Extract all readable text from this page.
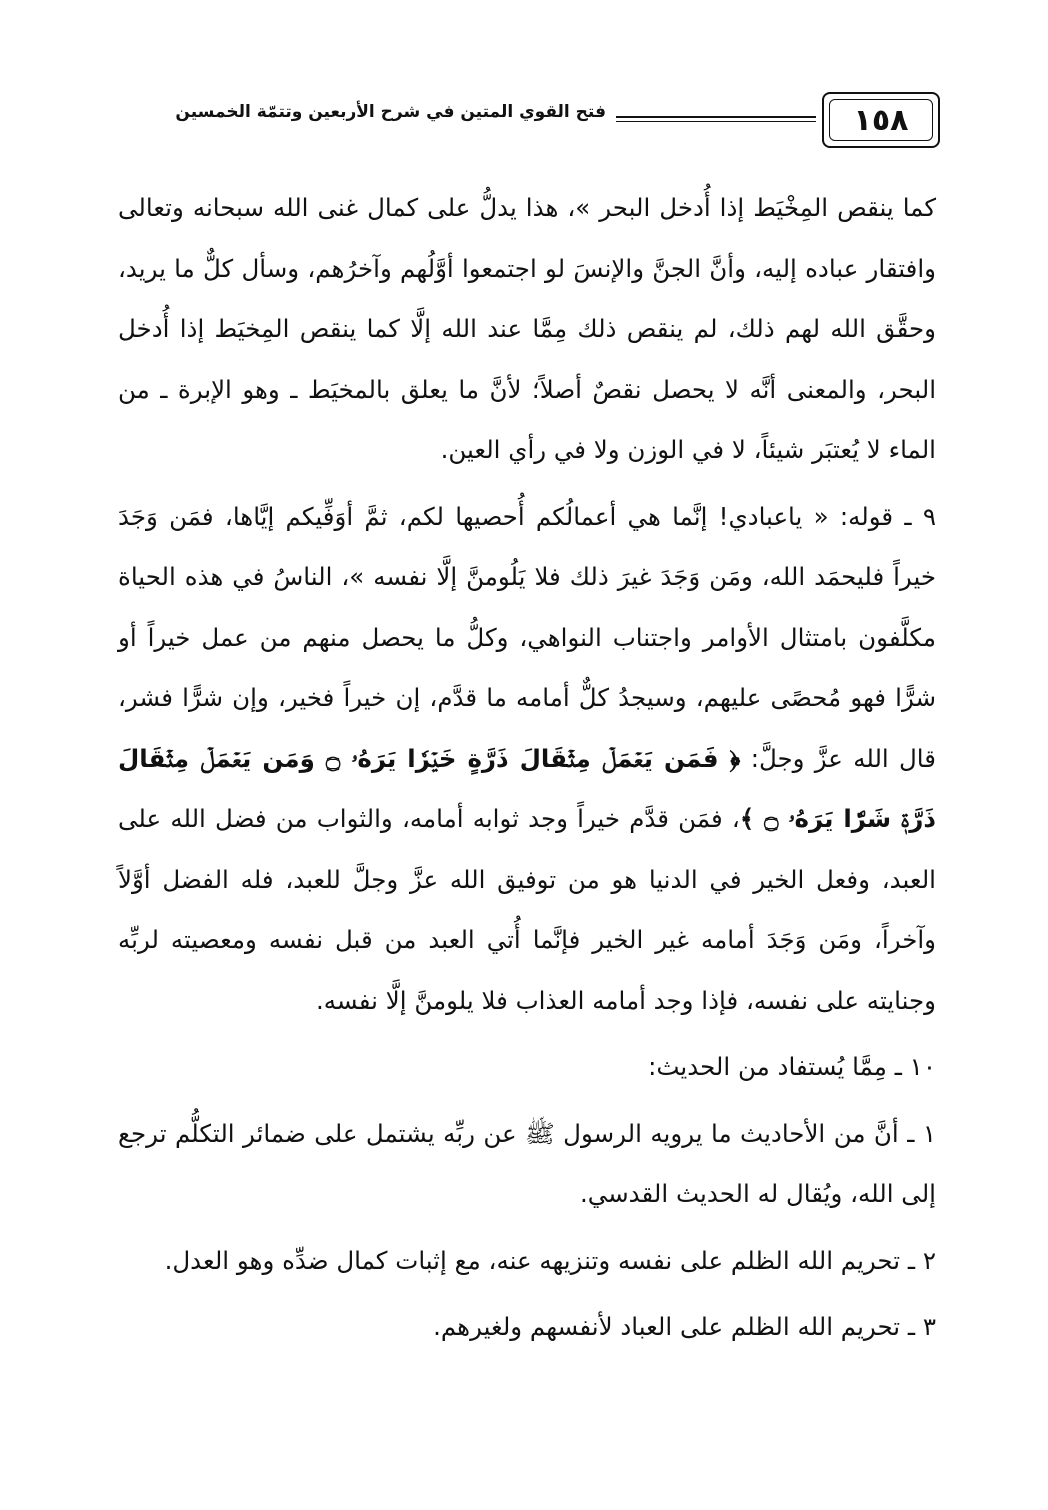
١٥٨
فتح القوي المتين في شرح الأربعين وتتمّة الخمسين

كما ينقص المِخْيَط إذا أُدخل البحر »، هذا يدلُّ على كمال غنى الله سبحانه وتعالى وافتقار عباده إليه، وأنَّ الجنَّ والإنسَ لو اجتمعوا أوَّلُهم وآخرُهم، وسأل كلٌّ ما يريد، وحقَّق الله لهم ذلك، لم ينقص ذلك مِمَّا عند الله إلَّا كما ينقص المِخيَط إذا أُدخل البحر، والمعنى أنَّه لا يحصل نقصٌ أصلاً؛ لأنَّ ما يعلق بالمخيَط ـ وهو الإبرة ـ من الماء لا يُعتبَر شيئاً، لا في الوزن ولا في رأي العين.

٩ ـ قوله: « ياعبادي! إنَّما هي أعمالُكم أُحصيها لكم، ثمَّ أوَفِّيكم إيَّاها، فمَن وَجَدَ خيراً فليحمَد الله، ومَن وَجَدَ غيرَ ذلك فلا يَلُومنَّ إلَّا نفسه »، الناسُ في هذه الحياة مكلَّفون بامتثال الأوامر واجتناب النواهي، وكلُّ ما يحصل منهم من عمل خيراً أو شرًّا فهو مُحصًى عليهم، وسيجدُ كلٌّ أمامه ما قدَّم، إن خيراً فخير، وإن شرًّا فشر، قال الله عزَّ وجلَّ: ﴿ فَمَن يَعۡمَلۡ مِثۡقَالَ ذَرَّةٍ خَيۡرٗا يَرَهُۥ ۝ وَمَن يَعۡمَلۡ مِثۡقَالَ ذَرَّةٖ شَرّٗا يَرَهُۥ ۝ ﴾، فمَن قدَّم خيراً وجد ثوابه أمامه، والثواب من فضل الله على العبد، وفعل الخير في الدنيا هو من توفيق الله عزَّ وجلَّ للعبد، فله الفضل أوَّلاً وآخراً، ومَن وَجَدَ أمامه غير الخير فإنَّما أُتي العبد من قبل نفسه ومعصيته لربِّه وجنايته على نفسه، فإذا وجد أمامه العذاب فلا يلومنَّ إلَّا نفسه.

١٠ ـ مِمَّا يُستفاد من الحديث:

١ ـ أنَّ من الأحاديث ما يرويه الرسول ﷺ عن ربِّه يشتمل على ضمائر التكلُّم ترجع إلى الله، ويُقال له الحديث القدسي.

٢ ـ تحريم الله الظلم على نفسه وتنزيهه عنه، مع إثبات كمال ضدِّه وهو العدل.

٣ ـ تحريم الله الظلم على العباد لأنفسهم ولغيرهم.
